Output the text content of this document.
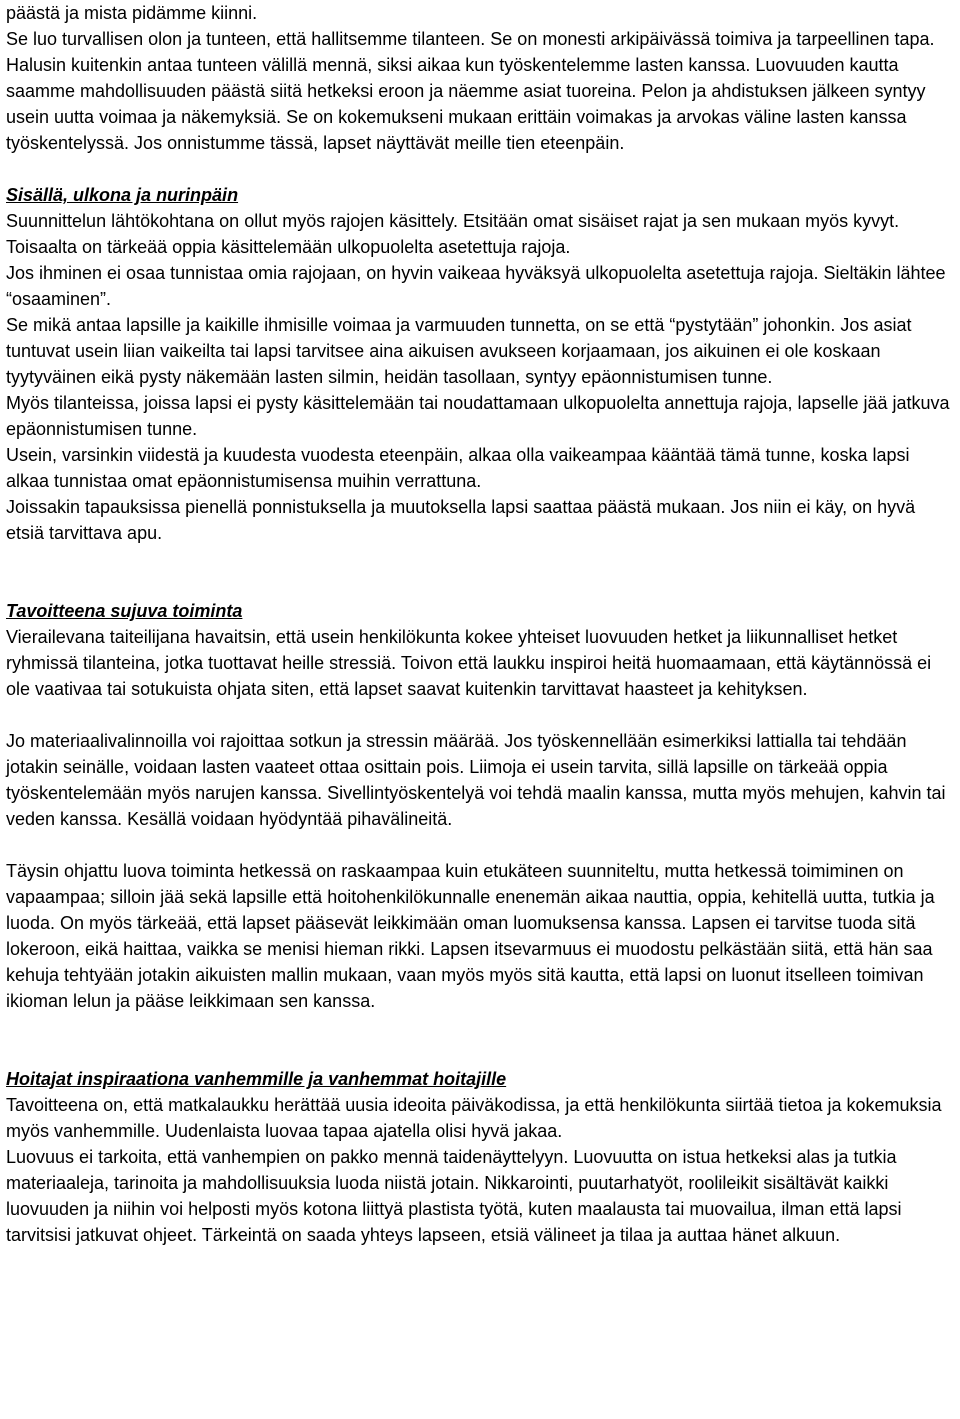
päästä ja mista pidämme kiinni.

Se luo turvallisen olon ja tunteen, että hallitsemme tilanteen. Se on monesti arkipäivässä toimiva ja tarpeellinen tapa. Halusin kuitenkin antaa tunteen välillä mennä, siksi aikaa kun työskentelemme lasten kanssa. Luovuuden kautta saamme mahdollisuuden päästä siitä hetkeksi eroon ja näemme asiat tuoreina. Pelon ja ahdistuksen jälkeen syntyy usein uutta voimaa ja näkemyksiä. Se on kokemukseni mukaan erittäin voimakas ja arvokas väline lasten kanssa työskentelyssä. Jos onnistumme tässä, lapset näyttävät meille tien eteenpäin.

Sisällä, ulkona ja nurinpäin

Suunnittelun lähtökohtana on ollut myös rajojen käsittely. Etsitään omat sisäiset rajat ja sen mukaan myös kyvyt. Toisaalta on tärkeää oppia käsittelemään ulkopuolelta asetettuja rajoja.

Jos ihminen ei osaa tunnistaa omia rajojaan, on hyvin vaikeaa hyväksyä ulkopuolelta asetettuja rajoja. Sieltäkin lähtee “osaaminen”.

Se mikä antaa lapsille ja kaikille ihmisille voimaa ja varmuuden tunnetta, on se että “pystytään” johonkin. Jos asiat tuntuvat usein liian vaikeilta tai lapsi tarvitsee aina aikuisen avukseen korjaamaan, jos aikuinen ei ole koskaan tyytyväinen eikä pysty näkemään lasten silmin, heidän tasollaan, syntyy epäonnistumisen tunne.

Myös tilanteissa, joissa lapsi ei pysty käsittelemään tai noudattamaan ulkopuolelta annettuja rajoja, lapselle jää jatkuva epäonnistumisen tunne.

Usein, varsinkin viidestä ja kuudesta vuodesta eteenpäin, alkaa olla vaikeampaa kääntää tämä tunne, koska lapsi alkaa tunnistaa omat epäonnistumisensa muihin verrattuna.

Joissakin tapauksissa pienellä ponnistuksella ja muutoksella lapsi saattaa päästä mukaan. Jos niin ei käy, on hyvä etsiä tarvittava apu.

Tavoitteena sujuva toiminta

Vierailevana taiteilijana havaitsin, että usein henkilökunta kokee yhteiset luovuuden hetket ja liikunnalliset hetket ryhmissä tilanteina, jotka tuottavat heille stressiä. Toivon että laukku inspiroi heitä huomaamaan, että käytännössä ei ole vaativaa tai sotukuista ohjata siten, että lapset saavat kuitenkin tarvittavat haasteet ja kehityksen.

Jo materiaalivalinnoilla voi rajoittaa sotkun ja stressin määrää. Jos työskennellään esimerkiksi lattialla tai tehdään jotakin seinälle, voidaan lasten vaateet ottaa osittain pois. Liimoja ei usein tarvita, sillä lapsille on tärkeää oppia työskentelemään myös narujen kanssa. Sivellintyöskentelyä voi tehdä maalin kanssa, mutta myös mehujen, kahvin tai veden kanssa. Kesällä voidaan hyödyntää pihavälineitä.

Täysin ohjattu luova toiminta hetkessä on raskaampaa kuin etukäteen suunniteltu, mutta hetkessä toimiminen on vapaampaa; silloin jää sekä lapsille että hoitohenkilökunnalle enenemän aikaa nauttia, oppia, kehitellä uutta, tutkia ja luoda. On myös tärkeää, että lapset pääsevät leikkimään oman luomuksensa kanssa. Lapsen ei tarvitse tuoda sitä lokeroon, eikä haittaa, vaikka se menisi hieman rikki. Lapsen itsevarmuus ei muodostu pelkästään siitä, että hän saa kehuja tehtyään jotakin aikuisten mallin mukaan, vaan myös myös sitä kautta, että lapsi on luonut itselleen toimivan ikioman lelun ja pääse leikkimaan sen kanssa.

Hoitajat inspiraationa vanhemmille ja vanhemmat hoitajille

Tavoitteena on, että matkalaukku herättää uusia ideoita päiväkodissa, ja että henkilökunta siirtää tietoa ja kokemuksia myös vanhemmille. Uudenlaista luovaa tapaa ajatella olisi hyvä jakaa.

Luovuus ei tarkoita, että vanhempien on pakko mennä taidenäyttelyyn. Luovuutta on istua hetkeksi alas ja tutkia materiaaleja, tarinoita ja mahdollisuuksia luoda niistä jotain. Nikkarointi, puutarhatyöt, roolileikit sisältävät kaikki luovuuden ja niihin voi helposti myös kotona liittyä plastista työtä, kuten maalausta tai muovailua, ilman että lapsi tarvitsisi jatkuvat ohjeet. Tärkeintä on saada yhteys lapseen, etsiä välineet ja tilaa ja auttaa hänet alkuun.
